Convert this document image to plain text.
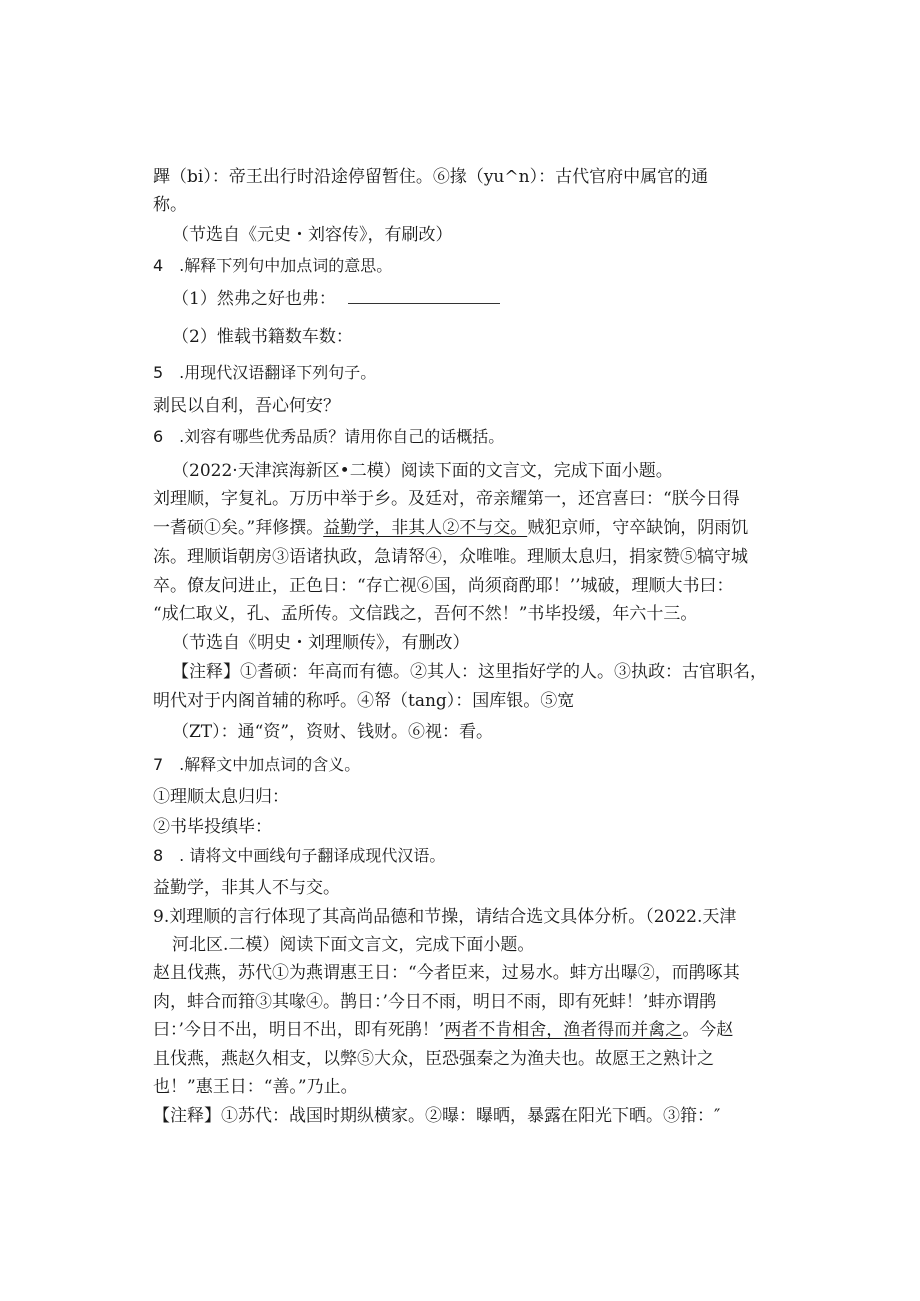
蹕（bi）：帝王出行时沿途停留暂住。⑥掾（yu^n）：古代官府中属官的通
称。
（节选自《元史・刘容传》，有刷改）
4　.解释下列句中加点词的意思。
（1）然弗之好也弗：
（2）惟载书籍数车数：
5　.用现代汉语翻译下列句子。
剥民以自利，吾心何安？
6　.刘容有哪些优秀品质？请用你自己的话概括。
（2022·天津滨海新区•二模）阅读下面的文言文，完成下面小题。
刘理顺，字复礼。万历中举于乡。及廷对，帝亲耀第一，还宫喜曰：“朕今日得
一耆硕①矣。”拜修撰。益勤学，非其人②不与交。贼犯京师，守卒缺饷，阴雨饥
冻。理顺诣朝房③语诸执政，急请帑④，众唯唯。理顺太息归，捐家赞⑤犒守城
卒。僚友问进止，正色日：“存亡视⑥国，尚须商酌耶！’’城破，理顺大书曰：
“成仁取义，孔、孟所传。文信践之，吾何不然！”书毕投缓，年六十三。
（节选自《明史・刘理顺传》，有删改）
【注释】①耆硕：年高而有德。②其人：这里指好学的人。③执政：古官职名，
明代对于内阁首辅的称呼。④帑（tang）：国库银。⑤宽
（ZT）：通“资”，资财、钱财。⑥视：看。
7　.解释文中加点词的含义。
①理顺太息归归：
②书毕投缜毕：
8　. 请将文中画线句子翻译成现代汉语。
益勤学，非其人不与交。
9.刘理顺的言行体现了其高尚品德和节操，请结合选文具体分析。（2022.天津
河北区.二模）阅读下面文言文，完成下面小题。
赵且伐燕，苏代①为燕谓惠王日：“今者臣来，过易水。蚌方出曝②，而鹃啄其
肉，蚌合而箝③其喙④。鹊日：’今日不雨，明日不雨，即有死蚌！’蚌亦谓鹃
曰：’今日不出，明日不出，即有死鹃！’两者不肯相舍，渔者得而并禽之。今赵
且伐燕，燕赵久相支，以弊⑤大众，臣恐强秦之为渔夫也。故愿王之熟计之
也！”惠王日：“善。”乃止。
【注释】①苏代：战国时期纵横家。②曝：曝晒，暴露在阳光下晒。③箝：″
